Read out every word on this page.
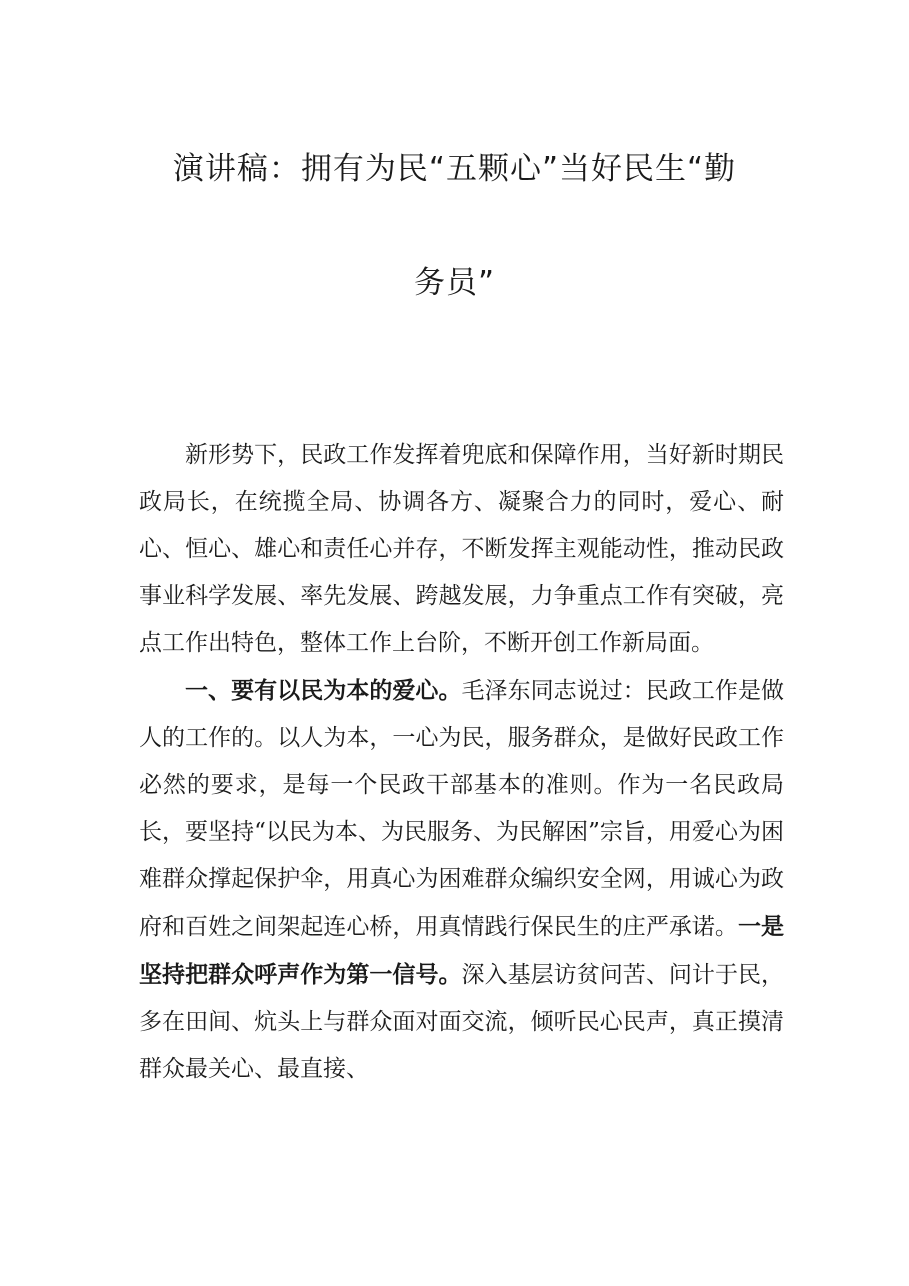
演讲稿：拥有为民“五颗心”当好民生“勤
务员”

新形势下，民政工作发挥着兜底和保障作用，当好新时期民政局长，在统揽全局、协调各方、凝聚合力的同时，爱心、耐心、恒心、雄心和责任心并存，不断发挥主观能动性，推动民政事业科学发展、率先发展、跨越发展，力争重点工作有突破，亮点工作出特色，整体工作上台阶，不断开创工作新局面。

一、要有以民为本的爱心。毛泽东同志说过：民政工作是做人的工作的。以人为本，一心为民，服务群众，是做好民政工作必然的要求，是每一个民政干部基本的准则。作为一名民政局长，要坚持“以民为本、为民服务、为民解困”宗旨，用爱心为困难群众撑起保护伞，用真心为困难群众编织安全网，用诚心为政府和百姓之间架起连心桥，用真情践行保民生的庄严承诺。一是坚持把群众呼声作为第一信号。深入基层访贫问苦、问计于民，多在田间、炕头上与群众面对面交流，倾听民心民声，真正摸清群众最关心、最直接、
